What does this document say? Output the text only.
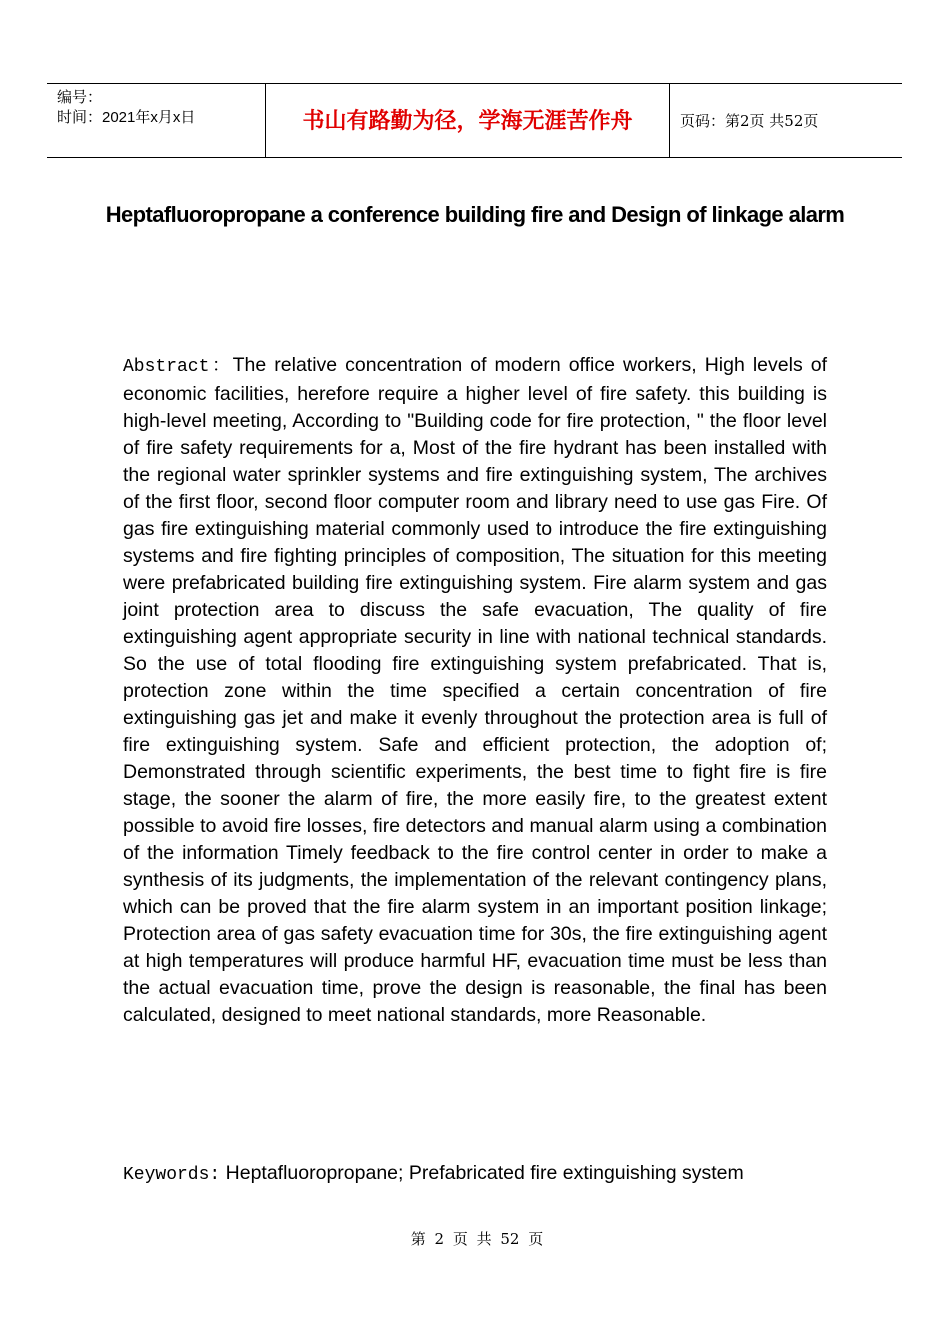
编号：
时间：2021年x月x日	书山有路勤为径，学海无涯苦作舟	页码：第2页 共52页
Heptafluoropropane a conference building fire and Design of linkage alarm
Abstract：The relative concentration of modern office workers, High levels of economic facilities, herefore require a higher level of fire safety. this building is high-level meeting, According to "Building code for fire protection, " the floor level of fire safety requirements for a, Most of the fire hydrant has been installed with the regional water sprinkler systems and fire extinguishing system, The archives of the first floor, second floor computer room and library need to use gas Fire. Of gas fire extinguishing material commonly used to introduce the fire extinguishing systems and fire fighting principles of composition, The situation for this meeting were prefabricated building fire extinguishing system. Fire alarm system and gas joint protection area to discuss the safe evacuation, The quality of fire extinguishing agent appropriate security in line with national technical standards. So the use of total flooding fire extinguishing system prefabricated. That is, protection zone within the time specified a certain concentration of fire extinguishing gas jet and make it evenly throughout the protection area is full of fire extinguishing system. Safe and efficient protection, the adoption of; Demonstrated through scientific experiments, the best time to fight fire is fire stage, the sooner the alarm of fire, the more easily fire, to the greatest extent possible to avoid fire losses, fire detectors and manual alarm using a combination of the information Timely feedback to the fire control center in order to make a synthesis of its judgments, the implementation of the relevant contingency plans, which can be proved that the fire alarm system in an important position linkage; Protection area of gas safety evacuation time for 30s, the fire extinguishing agent at high temperatures will produce harmful HF, evacuation time must be less than the actual evacuation time, prove the design is reasonable, the final has been calculated, designed to meet national standards, more Reasonable.
Keywords: Heptafluoropropane; Prefabricated fire extinguishing system
第 2 页 共 52 页
